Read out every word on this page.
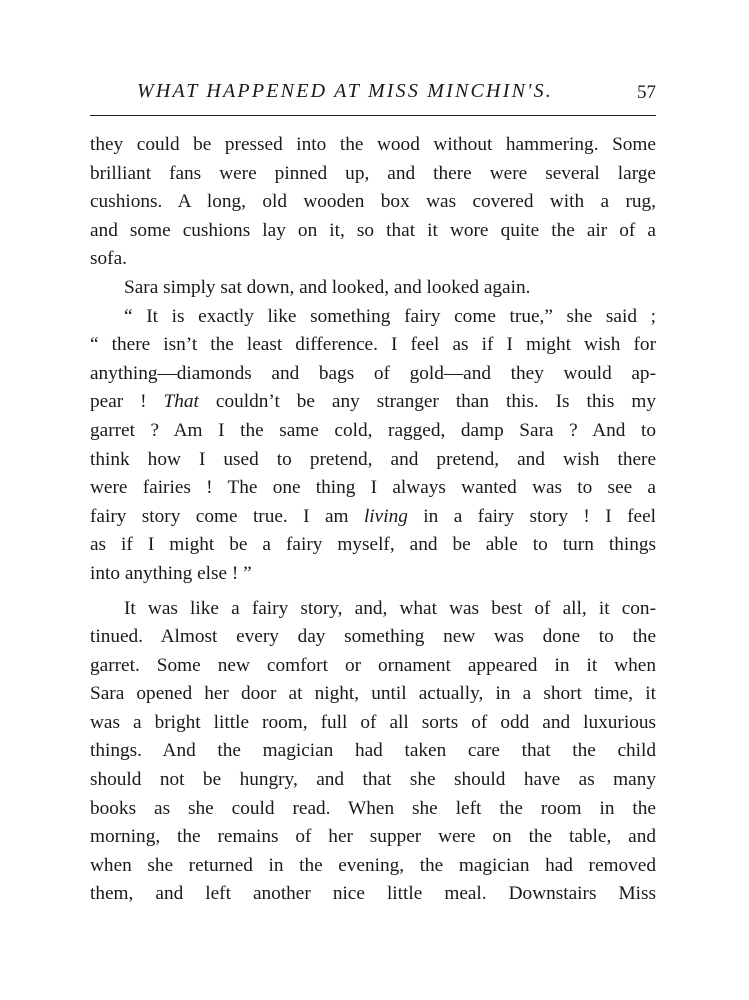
WHAT HAPPENED AT MISS MINCHIN'S.	57
they could be pressed into the wood without hammering. Some
brilliant fans were pinned up, and there were several large
cushions. A long, old wooden box was covered with a rug,
and some cushions lay on it, so that it wore quite the air of a
sofa.
Sara simply sat down, and looked, and looked again.
“ It is exactly like something fairy come true,” she said ;
“ there isn’t the least difference. I feel as if I might wish for
anything—diamonds and bags of gold—and they would ap-
pear ! That couldn’t be any stranger than this. Is this my
garret ? Am I the same cold, ragged, damp Sara ? And to
think how I used to pretend, and pretend, and wish there
were fairies ! The one thing I always wanted was to see a
fairy story come true. I am living in a fairy story ! I feel
as if I might be a fairy myself, and be able to turn things
into anything else ! ”
It was like a fairy story, and, what was best of all, it con-
tinued. Almost every day something new was done to the
garret. Some new comfort or ornament appeared in it when
Sara opened her door at night, until actually, in a short time, it
was a bright little room, full of all sorts of odd and luxurious
things. And the magician had taken care that the child
should not be hungry, and that she should have as many
books as she could read. When she left the room in the
morning, the remains of her supper were on the table, and
when she returned in the evening, the magician had removed
them, and left another nice little meal. Downstairs Miss
